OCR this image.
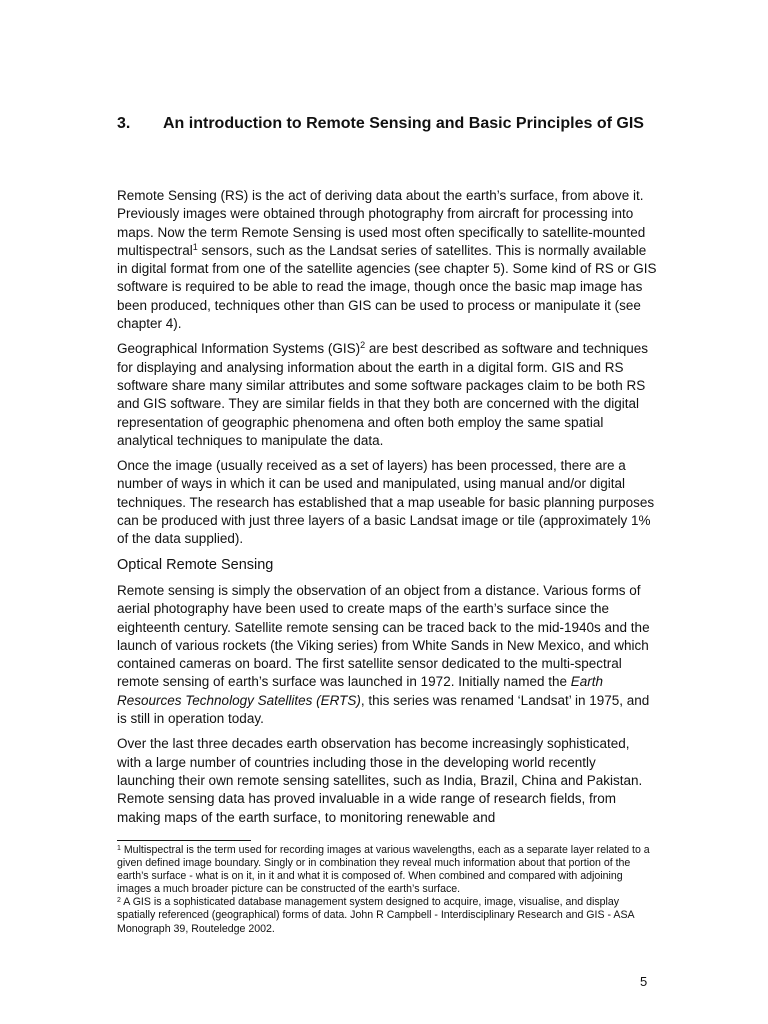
3. An introduction to Remote Sensing and Basic Principles of GIS

Remote Sensing (RS) is the act of deriving data about the earth’s surface, from above it. Previously images were obtained through photography from aircraft for processing into maps. Now the term Remote Sensing is used most often specifically to satellite-mounted multispectral$^1$ sensors, such as the Landsat series of satellites. This is normally available in digital format from one of the satellite agencies (see chapter 5). Some kind of RS or GIS software is required to be able to read the image, though once the basic map image has been produced, techniques other than GIS can be used to process or manipulate it (see chapter 4).

Geographical Information Systems (GIS)$^2$ are best described as software and techniques for displaying and analysing information about the earth in a digital form. GIS and RS software share many similar attributes and some software packages claim to be both RS and GIS software. They are similar fields in that they both are concerned with the digital representation of geographic phenomena and often both employ the same spatial analytical techniques to manipulate the data.

Once the image (usually received as a set of layers) has been processed, there are a number of ways in which it can be used and manipulated, using manual and/or digital techniques. The research has established that a map useable for basic planning purposes can be produced with just three layers of a basic Landsat image or tile (approximately 1% of the data supplied).

Optical Remote Sensing

Remote sensing is simply the observation of an object from a distance. Various forms of aerial photography have been used to create maps of the earth’s surface since the eighteenth century. Satellite remote sensing can be traced back to the mid-1940s and the launch of various rockets (the Viking series) from White Sands in New Mexico, and which contained cameras on board. The first satellite sensor dedicated to the multi-spectral remote sensing of earth’s surface was launched in 1972. Initially named the Earth Resources Technology Satellites (ERTS), this series was renamed ‘Landsat’ in 1975, and is still in operation today.

Over the last three decades earth observation has become increasingly sophisticated, with a large number of countries including those in the developing world recently launching their own remote sensing satellites, such as India, Brazil, China and Pakistan. Remote sensing data has proved invaluable in a wide range of research fields, from making maps of the earth surface, to monitoring renewable and

$^1$ Multispectral is the term used for recording images at various wavelengths, each as a separate layer related to a given defined image boundary. Singly or in combination they reveal much information about that portion of the earth’s surface - what is on it, in it and what it is composed of. When combined and compared with adjoining images a much broader picture can be constructed of the earth’s surface.

$^2$ A GIS is a sophisticated database management system designed to acquire, image, visualise, and display spatially referenced (geographical) forms of data. John R Campbell - Interdisciplinary Research and GIS - ASA Monograph 39, Routeledge 2002.

5
